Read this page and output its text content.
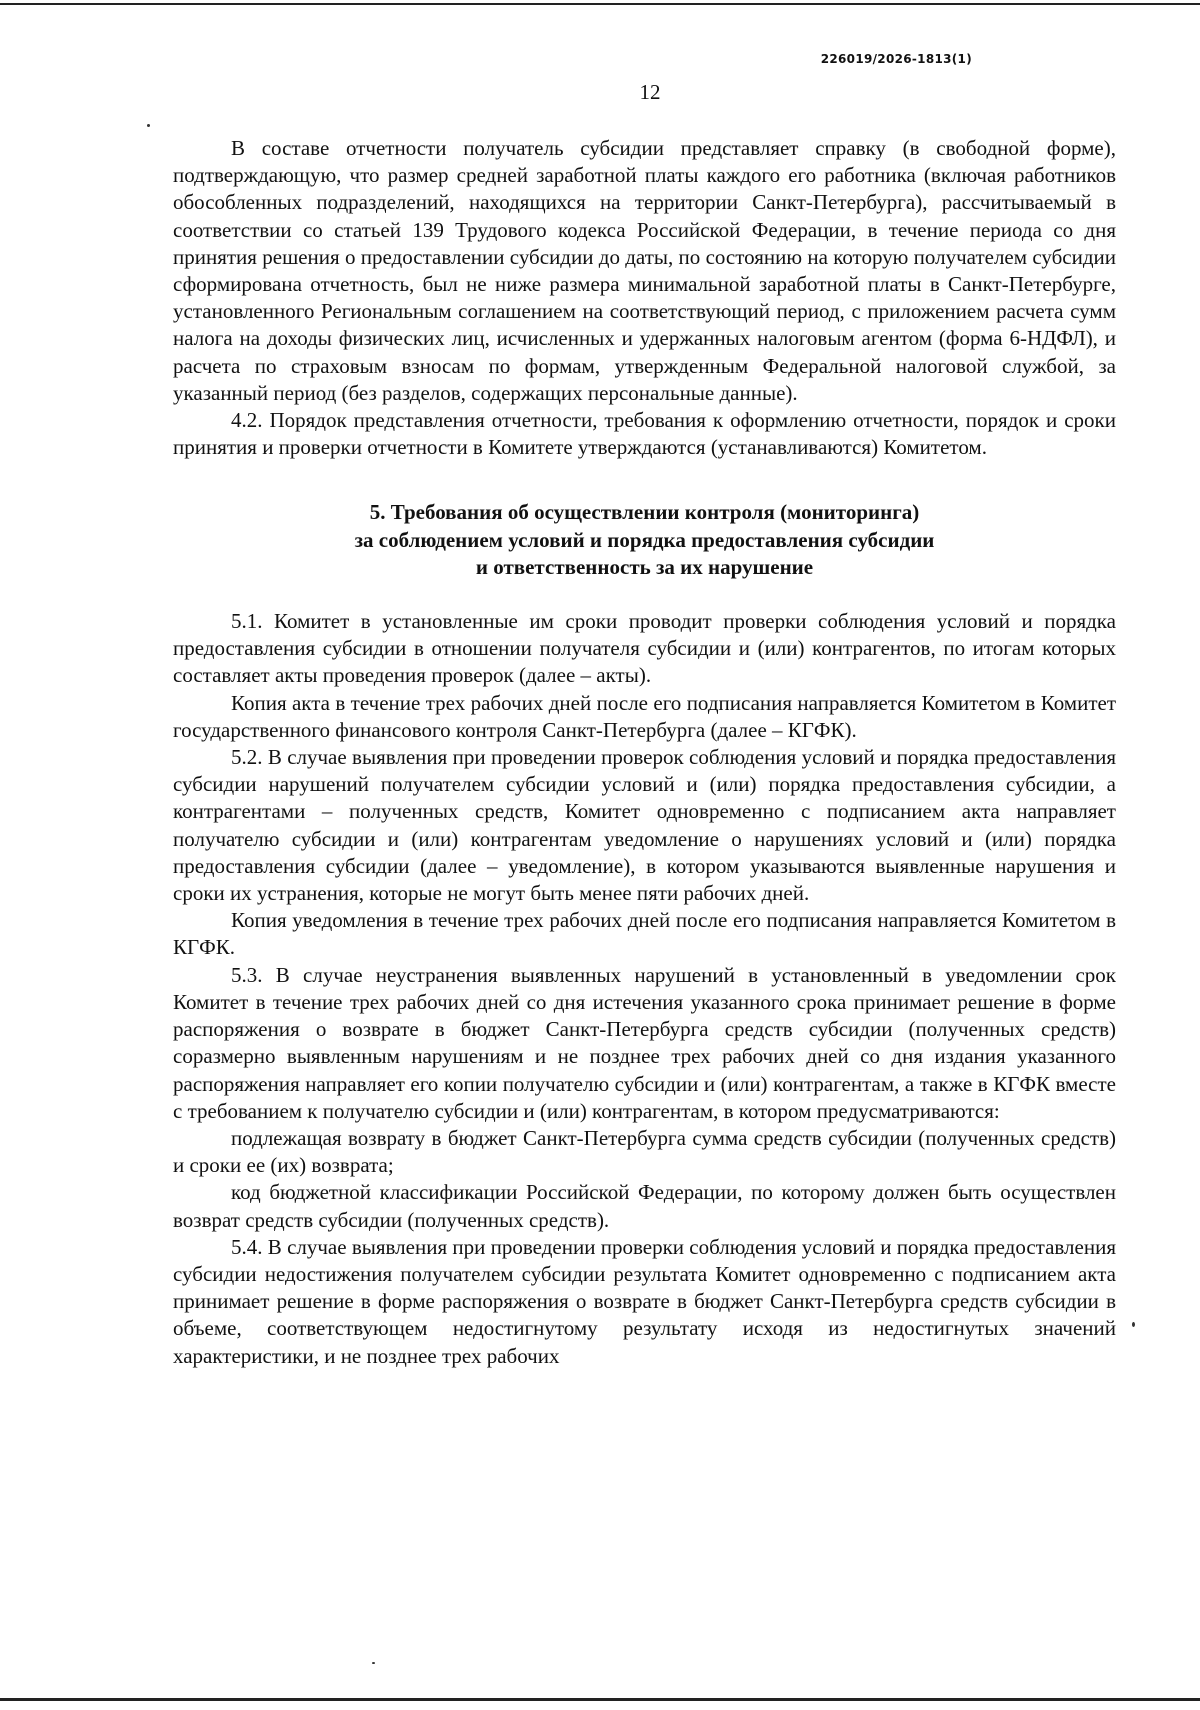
226019/2026-1813(1)
12

В составе отчетности получатель субсидии представляет справку (в свободной форме), подтверждающую, что размер средней заработной платы каждого его работника (включая работников обособленных подразделений, находящихся на территории Санкт-Петербурга), рассчитываемый в соответствии со статьей 139 Трудового кодекса Российской Федерации, в течение периода со дня принятия решения о предоставлении субсидии до даты, по состоянию на которую получателем субсидии сформирована отчетность, был не ниже размера минимальной заработной платы в Санкт-Петербурге, установленного Региональным соглашением на соответствующий период, с приложением расчета сумм налога на доходы физических лиц, исчисленных и удержанных налоговым агентом (форма 6-НДФЛ), и расчета по страховым взносам по формам, утвержденным Федеральной налоговой службой, за указанный период (без разделов, содержащих персональные данные).

4.2. Порядок представления отчетности, требования к оформлению отчетности, порядок и сроки принятия и проверки отчетности в Комитете утверждаются (устанавливаются) Комитетом.

5. Требования об осуществлении контроля (мониторинга)
за соблюдением условий и порядка предоставления субсидии
и ответственность за их нарушение

5.1. Комитет в установленные им сроки проводит проверки соблюдения условий и порядка предоставления субсидии в отношении получателя субсидии и (или) контрагентов, по итогам которых составляет акты проведения проверок (далее – акты).

Копия акта в течение трех рабочих дней после его подписания направляется Комитетом в Комитет государственного финансового контроля Санкт-Петербурга (далее – КГФК).

5.2. В случае выявления при проведении проверок соблюдения условий и порядка предоставления субсидии нарушений получателем субсидии условий и (или) порядка предоставления субсидии, а контрагентами – полученных средств, Комитет одновременно с подписанием акта направляет получателю субсидии и (или) контрагентам уведомление о нарушениях условий и (или) порядка предоставления субсидии (далее – уведомление), в котором указываются выявленные нарушения и сроки их устранения, которые не могут быть менее пяти рабочих дней.

Копия уведомления в течение трех рабочих дней после его подписания направляется Комитетом в КГФК.

5.3. В случае неустранения выявленных нарушений в установленный в уведомлении срок Комитет в течение трех рабочих дней со дня истечения указанного срока принимает решение в форме распоряжения о возврате в бюджет Санкт-Петербурга средств субсидии (полученных средств) соразмерно выявленным нарушениям и не позднее трех рабочих дней со дня издания указанного распоряжения направляет его копии получателю субсидии и (или) контрагентам, а также в КГФК вместе с требованием к получателю субсидии и (или) контрагентам, в котором предусматриваются:

подлежащая возврату в бюджет Санкт-Петербурга сумма средств субсидии (полученных средств) и сроки ее (их) возврата;

код бюджетной классификации Российской Федерации, по которому должен быть осуществлен возврат средств субсидии (полученных средств).

5.4. В случае выявления при проведении проверки соблюдения условий и порядка предоставления субсидии недостижения получателем субсидии результата Комитет одновременно с подписанием акта принимает решение в форме распоряжения о возврате в бюджет Санкт-Петербурга средств субсидии в объеме, соответствующем недостигнутому результату исходя из недостигнутых значений характеристики, и не позднее трех рабочих
